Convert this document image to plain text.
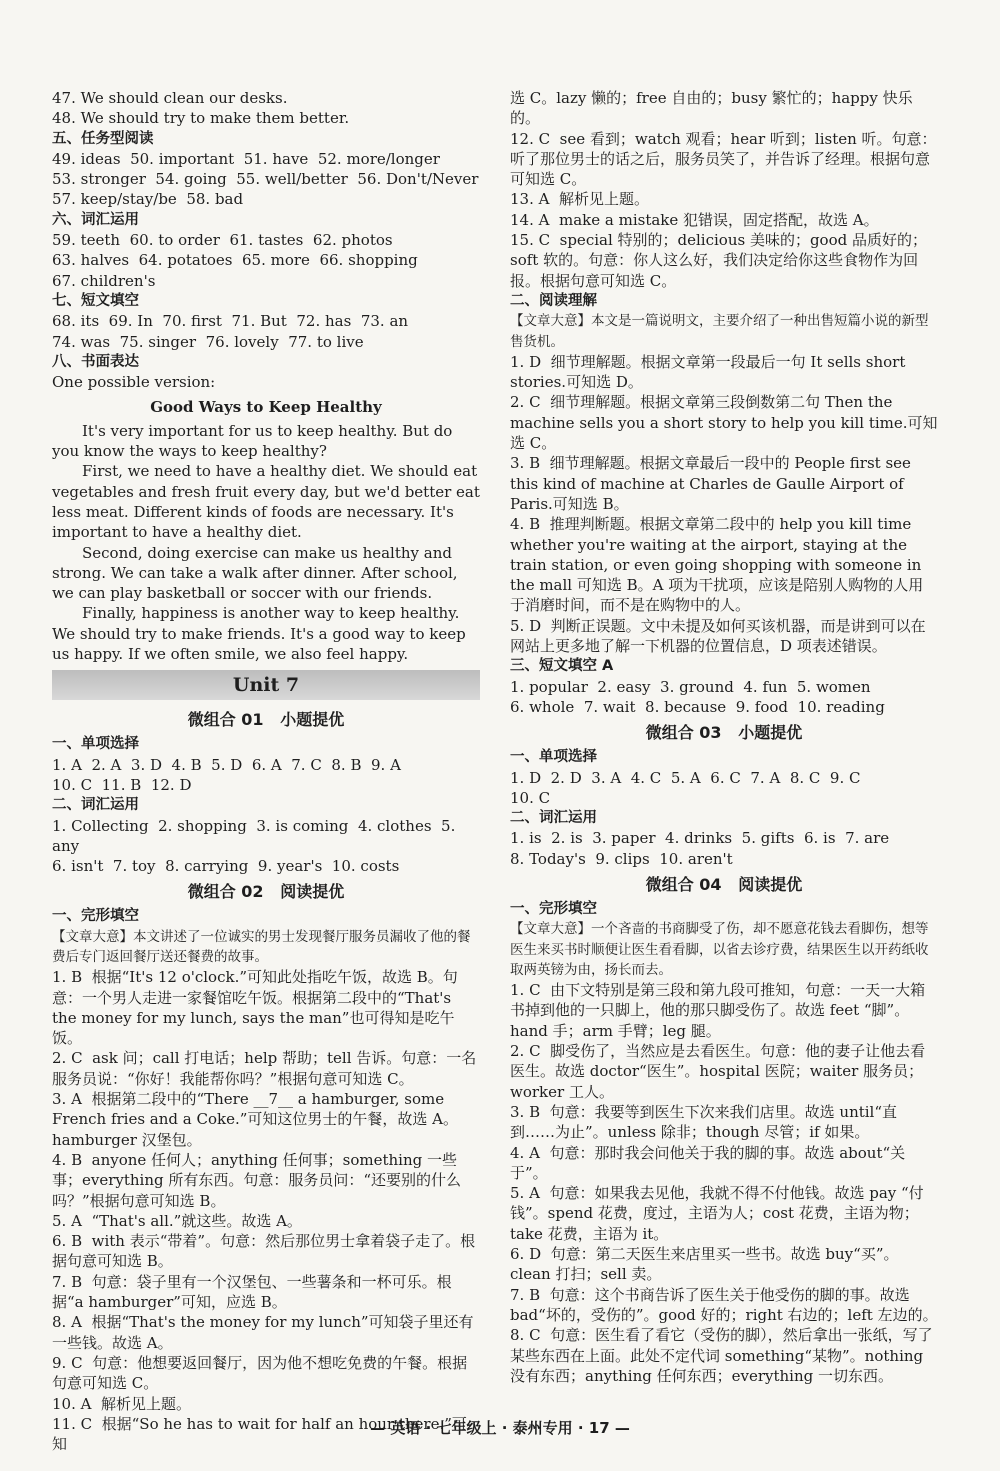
47. We should clean our desks.
48. We should try to make them better.
五、任务型阅读
49. ideas  50. important  51. have  52. more/longer
53. stronger  54. going  55. well/better  56. Don't/Never
57. keep/stay/be  58. bad
六、词汇运用
59. teeth  60. to order  61. tastes  62. photos
63. halves  64. potatoes  65. more  66. shopping
67. children's
七、短文填空
68. its  69. In  70. first  71. But  72. has  73. an
74. was  75. singer  76. lovely  77. to live
八、书面表达
One possible version:
Good Ways to Keep Healthy
It's very important for us to keep healthy. But do you know the ways to keep healthy?
First, we need to have a healthy diet. We should eat vegetables and fresh fruit every day, but we'd better eat less meat. Different kinds of foods are necessary. It's important to have a healthy diet.
Second, doing exercise can make us healthy and strong. We can take a walk after dinner. After school, we can play basketball or soccer with our friends.
Finally, happiness is another way to keep healthy. We should try to make friends. It's a good way to keep us happy. If we often smile, we also feel happy.
Unit 7
微组合 01   小题提优
一、单项选择
1. A  2. A  3. D  4. B  5. D  6. A  7. C  8. B  9. A
10. C  11. B  12. D
二、词汇运用
1. Collecting  2. shopping  3. is coming  4. clothes  5. any
6. isn't  7. toy  8. carrying  9. year's  10. costs
微组合 02   阅读提优
一、完形填空
【文章大意】本文讲述了一位诚实的男士发现餐厅服务员漏收了他的餐费后专门返回餐厅送还餐费的故事。
1. B  根据“It's 12 o'clock.”可知此处指吃午饭，故选 B。句意：一个男人走进一家餐馆吃午饭。根据第二段中的“That's the money for my lunch, says the man”也可得知是吃午饭。
2. C  ask 问；call 打电话；help 帮助；tell 告诉。句意：一名服务员说：“你好！我能帮你吗？”根据句意可知选 C。
3. A  根据第二段中的“There __7__ a hamburger, some French fries and a Coke.”可知这位男士的午餐，故选 A。hamburger 汉堡包。
4. B  anyone 任何人；anything 任何事；something 一些事；everything 所有东西。句意：服务员问：“还要别的什么吗？”根据句意可知选 B。
5. A  “That's all.”就这些。故选 A。
6. B  with 表示“带着”。句意：然后那位男士拿着袋子走了。根据句意可知选 B。
7. B  句意：袋子里有一个汉堡包、一些薯条和一杯可乐。根据“a hamburger”可知，应选 B。
8. A  根据“That's the money for my lunch”可知袋子里还有一些钱。故选 A。
9. C  句意：他想要返回餐厅，因为他不想吃免费的午餐。根据句意可知选 C。
10. A  解析见上题。
11. C  根据“So he has to wait for half an hour there.”可知
选 C。lazy 懒的；free 自由的；busy 繁忙的；happy 快乐的。
12. C  see 看到；watch 观看；hear 听到；listen 听。句意：听了那位男士的话之后，服务员笑了，并告诉了经理。根据句意可知选 C。
13. A  解析见上题。
14. A  make a mistake 犯错误，固定搭配，故选 A。
15. C  special 特别的；delicious 美味的；good 品质好的；soft 软的。句意：你人这么好，我们决定给你这些食物作为回报。根据句意可知选 C。
二、阅读理解
【文章大意】本文是一篇说明文，主要介绍了一种出售短篇小说的新型售货机。
1. D  细节理解题。根据文章第一段最后一句 It sells short stories.可知选 D。
2. C  细节理解题。根据文章第三段倒数第二句 Then the machine sells you a short story to help you kill time.可知选 C。
3. B  细节理解题。根据文章最后一段中的 People first see this kind of machine at Charles de Gaulle Airport of Paris.可知选 B。
4. B  推理判断题。根据文章第二段中的 help you kill time whether you're waiting at the airport, staying at the train station, or even going shopping with someone in the mall 可知选 B。A 项为干扰项，应该是陪别人购物的人用于消磨时间，而不是在购物中的人。
5. D  判断正误题。文中未提及如何买该机器，而是讲到可以在网站上更多地了解一下机器的位置信息，D 项表述错误。
三、短文填空 A
1. popular  2. easy  3. ground  4. fun  5. women
6. whole  7. wait  8. because  9. food  10. reading
微组合 03   小题提优
一、单项选择
1. D  2. D  3. A  4. C  5. A  6. C  7. A  8. C  9. C
10. C
二、词汇运用
1. is  2. is  3. paper  4. drinks  5. gifts  6. is  7. are
8. Today's  9. clips  10. aren't
微组合 04   阅读提优
一、完形填空
【文章大意】一个吝啬的书商脚受了伤，却不愿意花钱去看脚伤，想等医生来买书时顺便让医生看看脚，以省去诊疗费，结果医生以开药纸收取两英镑为由，扬长而去。
1. C  由下文特别是第三段和第九段可推知，句意：一天一大箱书掉到他的一只脚上，他的那只脚受伤了。故选 feet “脚”。hand 手；arm 手臂；leg 腿。
2. C  脚受伤了，当然应是去看医生。句意：他的妻子让他去看医生。故选 doctor“医生”。hospital 医院；waiter 服务员；worker 工人。
3. B  句意：我要等到医生下次来我们店里。故选 until“直到……为止”。unless 除非；though 尽管；if 如果。
4. A  句意：那时我会问他关于我的脚的事。故选 about“关于”。
5. A  句意：如果我去见他，我就不得不付他钱。故选 pay “付钱”。spend 花费，度过，主语为人；cost 花费，主语为物；take 花费，主语为 it。
6. D  句意：第二天医生来店里买一些书。故选 buy“买”。clean 打扫；sell 卖。
7. B  句意：这个书商告诉了医生关于他受伤的脚的事。故选 bad“坏的，受伤的”。good 好的；right 右边的；left 左边的。
8. C  句意：医生看了看它（受伤的脚），然后拿出一张纸，写了某些东西在上面。此处不定代词 something“某物”。nothing 没有东西；anything 任何东西；everything 一切东西。
— 英语 · 七年级上 · 泰州专用 · 17 —
